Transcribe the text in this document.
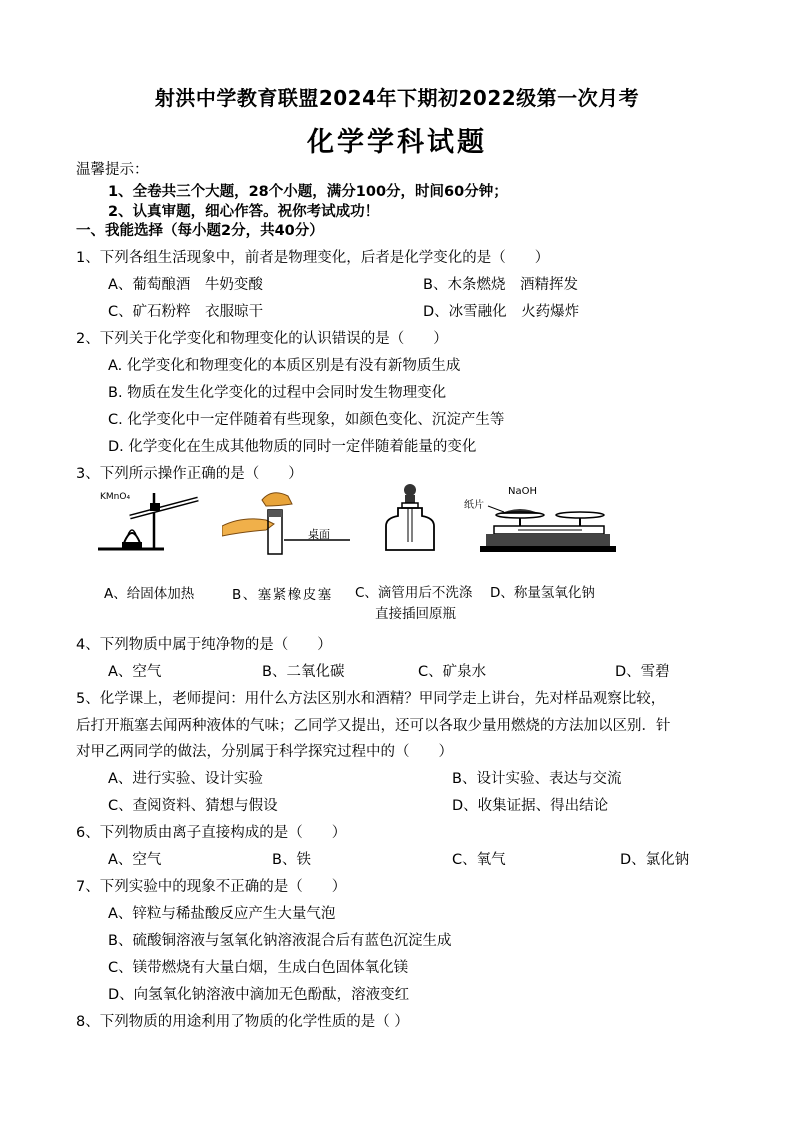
射洪中学教育联盟2024年下期初2022级第一次月考
化学学科试题
温馨提示：
1、全卷共三个大题，28个小题，满分100分，时间60分钟；
2、认真审题，细心作答。祝你考试成功！
一、我能选择（每小题2分，共40分）
1、下列各组生活现象中，前者是物理变化，后者是化学变化的是（　　）
A、葡萄酿酒　牛奶变酸	B、木条燃烧　酒精挥发
C、矿石粉粹　衣服晾干	D、冰雪融化　火药爆炸
2、下列关于化学变化和物理变化的认识错误的是（　　）
A. 化学变化和物理变化的本质区别是有没有新物质生成
B. 物质在发生化学变化的过程中会同时发生物理变化
C. 化学变化中一定伴随着有些现象，如颜色变化、沉淀产生等
D. 化学变化在生成其他物质的同时一定伴随着能量的变化
3、下列所示操作正确的是（　　）
KMnO₄
桌面
NaOH
纸片
A、给固体加热	B、塞紧橡皮塞 C、滴管用后不洗涤
直接插回原瓶
D、称量氢氧化钠
4、下列物质中属于纯净物的是（　　）
A、空气	B、二氧化碳	C、矿泉水	D、雪碧
5、化学课上，老师提问：用什么方法区别水和酒精？甲同学走上讲台，先对样品观察比较，
后打开瓶塞去闻两种液体的气味；乙同学又提出，还可以各取少量用燃烧的方法加以区别．针
对甲乙两同学的做法，分别属于科学探究过程中的（　　）
A、进行实验、设计实验	B、设计实验、表达与交流
C、查阅资料、猜想与假设	D、收集证据、得出结论
6、下列物质由离子直接构成的是（　　）
A、空气	B、铁	C、氧气	D、氯化钠
7、下列实验中的现象不正确的是（　　）
A、锌粒与稀盐酸反应产生大量气泡
B、硫酸铜溶液与氢氧化钠溶液混合后有蓝色沉淀生成
C、镁带燃烧有大量白烟，生成白色固体氧化镁
D、向氢氧化钠溶液中滴加无色酚酞，溶液变红
8、下列物质的用途利用了物质的化学性质的是（ ）
